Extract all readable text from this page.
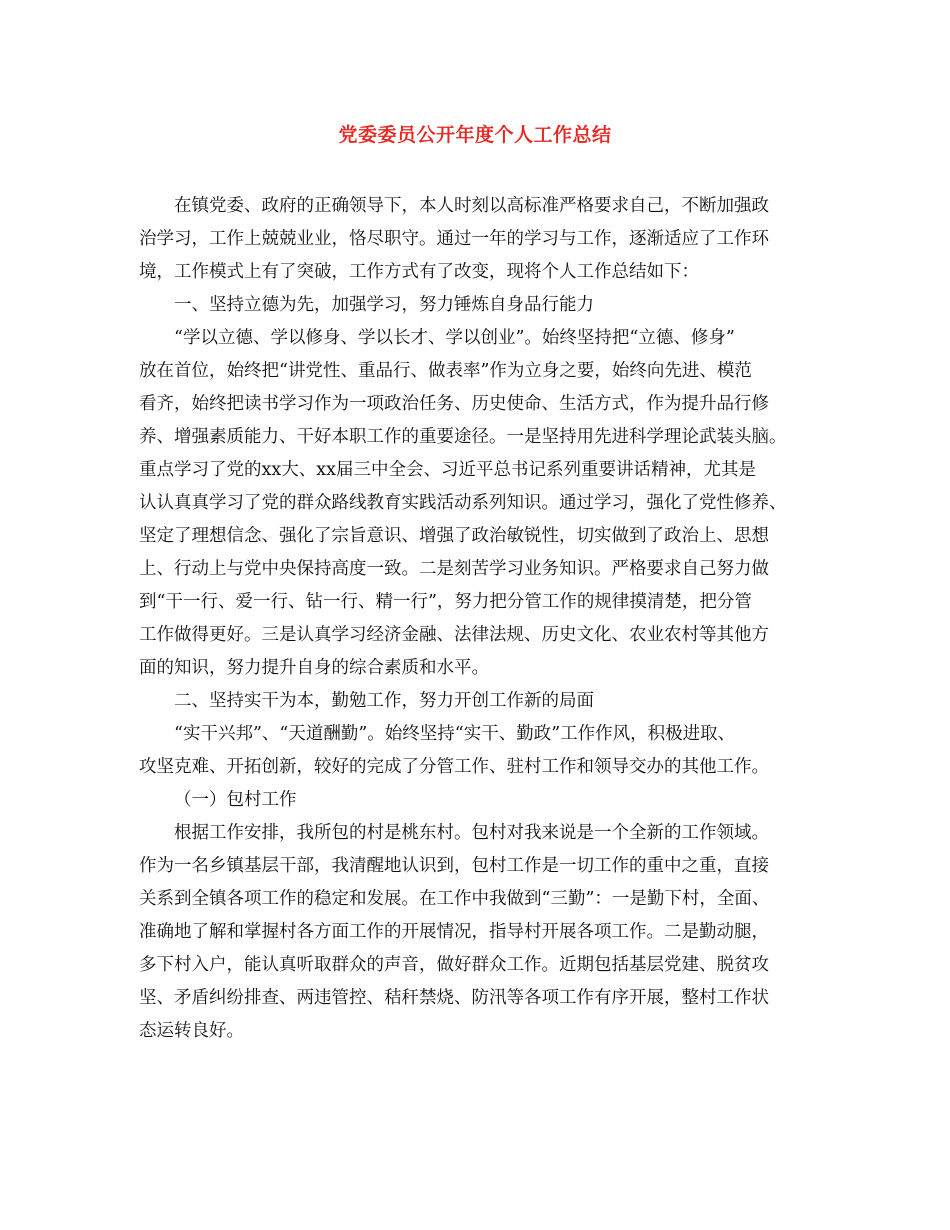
党委委员公开年度个人工作总结
在镇党委、政府的正确领导下，本人时刻以高标准严格要求自己，不断加强政
治学习，工作上兢兢业业，恪尽职守。通过一年的学习与工作，逐渐适应了工作环
境，工作模式上有了突破，工作方式有了改变，现将个人工作总结如下：
一、坚持立德为先，加强学习，努力锤炼自身品行能力
“学以立德、学以修身、学以长才、学以创业”。始终坚持把“立德、修身”
放在首位，始终把“讲党性、重品行、做表率”作为立身之要，始终向先进、模范
看齐，始终把读书学习作为一项政治任务、历史使命、生活方式，作为提升品行修
养、增强素质能力、干好本职工作的重要途径。一是坚持用先进科学理论武装头脑。
重点学习了党的xx大、xx届三中全会、习近平总书记系列重要讲话精神，尤其是
认认真真学习了党的群众路线教育实践活动系列知识。通过学习，强化了党性修养、
坚定了理想信念、强化了宗旨意识、增强了政治敏锐性，切实做到了政治上、思想
上、行动上与党中央保持高度一致。二是刻苦学习业务知识。严格要求自己努力做
到“干一行、爱一行、钻一行、精一行”，努力把分管工作的规律摸清楚，把分管
工作做得更好。三是认真学习经济金融、法律法规、历史文化、农业农村等其他方
面的知识，努力提升自身的综合素质和水平。
二、坚持实干为本，勤勉工作，努力开创工作新的局面
“实干兴邦”、“天道酬勤”。始终坚持“实干、勤政”工作作风，积极进取、
攻坚克难、开拓创新，较好的完成了分管工作、驻村工作和领导交办的其他工作。
（一）包村工作
根据工作安排，我所包的村是桃东村。包村对我来说是一个全新的工作领域。
作为一名乡镇基层干部，我清醒地认识到，包村工作是一切工作的重中之重，直接
关系到全镇各项工作的稳定和发展。在工作中我做到“三勤”：一是勤下村，全面、
准确地了解和掌握村各方面工作的开展情况，指导村开展各项工作。二是勤动腿，
多下村入户，能认真听取群众的声音，做好群众工作。近期包括基层党建、脱贫攻
坚、矛盾纠纷排查、两违管控、秸秆禁烧、防汛等各项工作有序开展，整村工作状
态运转良好。
